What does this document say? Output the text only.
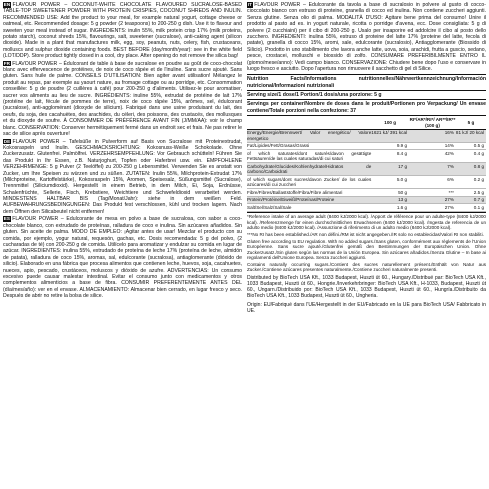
EN FLAVOUR POWER – COCONUT-WHITE CHOCOLATE FLAVOURED SUCRALOSE-BASED TABLE-TOP SWEETENER POWDER WITH PROTEIN CRISPIES, COCONUT SHREDS AND INULIN. RECOMMENDED USE: Add the product to your meal, for example natural yogurt, cottage cheese or oatmeal, etc. Recommended dosage: 5 g powder (2 teaspoons) to 200-250 g dish. Use it to flavour and sweeten your meal instead of sugar. INGREDIENTS: inulin 55%, milk protein crisp 17% (milk proteins, potato starch), coconut shreds 15%, flavourings, salt, sweetener (sucralose), anti-caking agent (silicon dioxide). Made in a plant that manufactures milk, egg, soy, peanuts, nuts, celery, fish, crustaceans, molluscs and sulphur dioxide containing foods. BEST BEFORE (day/month/year): see in the white field (LOT/DDP). Store product tightly closed in a cool, dry place. After opening do not remove the silica bag!

FR FLAVOUR POWER – Édulcorant de table à base de sucralose en poudre au goût de coco-chocolat blanc avec effervescence de protéines, de noix de coco râpée et de l'inuline. Sans sucre ajouté. Sans gluten. Sans huile de palme. CONSEILS D'UTILISATION: Bien agiter avant utilisation! Mélangez le produit au repas, par exemple au yaourt nature, au fromage cottage ou au porridge, etc. Consommation conseillée: 5 g de poudre (2 cuillères à café) pour 200-250 g d'aliments. Utilisez-le pour aromatiser, sucrer vos aliments au lieu de sucre. INGRÉDIENTS: inuline 55%, extrudat de protéine de lait 17% (protéine de lait, fécule de pommes de terre), noix de coco râpée 15%, arômes, sel, édulcorant (sucralose), anti-agglomérant (dioxyde de silicium). Fabriqué dans une usine produisant du lait, des oeufs, du soja, des cacahuètes, des arachides, du céleri, des poissons, des crustacés, des mollusques et du dioxyde de soufre. À CONSOMMER DE PRÉFÉRENCE AVANT FIN (J/MM/AA): voir le champ blanc. CONSERVATION: Conserver hermétiquement fermé dans un endroit sec et frais. Ne pas retirer le sac de silice après ouverture!

DE FLAVOUR POWER – Tafelsüße in Pulverform auf Basis von Sucralose mit Proteinextrudat, Kokosraspeln und Inulin. GESCHMACKSRICHTUNG: Kokosnuss-Weiße Schokolade. Ohne Zuckerzusatz. Glutenfrei. Palmölfrei. VERZEHRSEMPFEHLUNG: Vor Gebrauch schütteln! Führen Sie das Produkt in Ihr Essen, z.B. Naturjoghurt, Topfen oder Haferbrei usw. ein. EMPFOHLENE VERZEHRMENGE: 5 g Pulver (2 Teelöffel) zu 200-250 g Lebensmittel. Verwenden Sie es anstatt von Zucker, um Ihre Speisen zu würzen und zu süßen. ZUTATEN: Inulin 55%, Milchprotein-Extrudat 17% (Milchproteine, Kartoffelstärke), Kokosraspeln 15%, Aromen, Speisesalz, Süßungsmittel (Sucralose), Trennmittel (Siliciumdioxid). Hergestellt in einem Betrieb, in dem Milch, Ei, Soja, Erdnüsse, Schalenfrüchte, Sellerie, Fisch, Krebstiere, Weichtiere und Schwefeldioxid verarbeitet werden. MINDESTENS HALTBAR BIS (Tag/Monat/Jahr): siehe in dem weißen Feld. AUFBEWAHRUNGSBEDINGUNGEN: Das Produkt fest verschlossen, kühl und trocken lagern. Nach dem Öffnen den Silicabeutel nicht entfernen!

ES FLAVOUR POWER – Edulcorante de mesa en polvo a base de sucralosa, con sabor a coco-chocolate blanco, con extrudado de proteínas, ralladura de coco e inulina. Sin azúcares añadidos. Sin gluten. Sin aceite de palma. MODO DE EMPLEO: ¡Agitar antes de usar! Mezclar el producto con su comida, por ejemplo, yogur natural, requesón, gachas, etc. Dosis recomendada: 5 g del polvo, (2 cucharadas de té) con 200-250 g de comida. Utilícelo para aromatizar y endulzar su comida en lugar de azúcar. INGREDIENTES: inulina 55%, extrudado de proteína de leche 17% (proteína de leche, almidón de patata), ralladura de coco 15%, aromas, sal, edulcorante (sucralosa), antiaglomerante (dióxido de silicio). Elaborado en una fábrica que procesa alimentos que contienen leche, huevos, soja, cacahuetes, nueces, apio, pescado, crustáceos, moluscos y dióxido de azufre. ADVERTENCIAS: Un consumo excesivo puede causar malestar intestinal. Evitar el consumo junto con medicamentos y otros complementos alimenticios a base de fibra. CONSUMIR PREFERENTEMENTE ANTES DEL (día/mes/año): ver en el envase. ALMACENAMIENTO: Almacenar bien cerrado, en lugar fresco y seco. Después de abrir no retire la bolsa de silice.

IT FLAVOUR POWER – Edulcorante da tavola a base di sucralosio in polvere al gusto di cocco-cioccolato bianco con estruso di proteine, granella di cocco ed inulina. Non contiene zuccheri aggiunti. Senza glutine. Senza olio di palma. MODALITÀ D'USO: Agitare bene prima del consumo! Unire il prodotto al pasto ad es. in yogurt naturale, ricotta o porridge d'avena, ecc. Dose consigliata: 5 g di polvere (2 cucchiaini) per il cibo di 200-250 g. Usalo per insaporire ed addolcire il cibo al posto dello zucchero. INGREDIENTI: inulina 55%, estruso di proteine del latte 17% (proteine del latte, fecola di patate), granella di cocco 15%, aromi, sale, edulcorante (sucralosio), Antiagglomerante (Biossido di Silicio). Prodotto in uno stabilimento che lavora anche latte, uova, soia, arachidi, frutta a guscio, sedano, pesce, crostacei, molluschi e biossido di zolfo. CONSUMARE PREFERIBILMENTE ENTRO IL (giorno/mese/anno): Vedi campo bianco. CONSERVAZIONE: Chiudere bene dopo l'uso e conservare in luogo fresco e asciutto. Dopo l'apertura non rimuovere il sacchetto di gel di Silice.

Nutrition Facts/Informations nutritionnelles/Nährwertkennzeichnung/Información nutricional/Informazioni nutrizionali
Serving size/1 dose/1 Portion/1 dosis/una porzione: 5 g
Servings per container/Nombre de doses dans le produit/Portionen pro Verpackung/ Un envase contiene/Totale porzioni nella confezione: 37
	100 g	RI*/AR*/RI*/ AR**/IR**(100 g)	5 g
Energy/Energie/Brennwert/ Valor energético/ Valore energetico	1621 kJ/ 391 kcal	16%	81 kJ/ 20 kcal
Fat/Lipides/Fett/Grasas/Grassi	9.9 g	14%	0.5 g
of which saturates/dont saturés/davon gesättigte Fettsäuren/de las cuales saturadas/di cui saturi	8.4 g	42%	0.4 g
Carbohydrate/Glucides/Kohlenhydrate/Hidratos de carbono/Carboidrati	17 g	7%	0.8 g
of which sugars/dont sucres/davon Zucker/ de los cuales azúcares/di cui zuccheri	5.0 g	6%	0.2 g
Fibre/Fibres/Ballaststoffe/Fibra/Fibre alimentari	50 g	***	2.5 g
Protein/Protéine/Eiweiß/Proteínas/Proteine	13 g	27%	0.7 g
Salt/Sel/Salz/Sal/Sale	1.6 g	27%	0.1 g

*Reference intake of an average adult (8400 kJ/2000 kcal). /Apport de référence pour un adulte-type (8400 kJ/2000 kcal). /Referenzmenge für einen durchschnittlichen Erwachsenen (8400 kJ/2000 kcal). /Ingesta de referencia de un adulto medio (8400 kJ/2000 kcal). /Assunzione di riferimento di un adulto medio (8400 kJ/2000 kcal).

***No RI has been established./AR non défini./RM ist nicht angegeben./IR solo no establecidas/Valori RI non stabiliti.

Gluten free according to EU regulation. With no added sugars./Sans gluten, conformément aux règlements de l'Union Européenne. Sans sucre ajouté./Glutenfrei gemäß den Bestimmungen der Europäischen Union. Ohne Zuckerzusatz./Sin gluten según las normas de la Unión Europea. Sin azúcares añadidos./Senza Glutine – In base ai regolamenti dell'Unione Europea. Senza zuccheri aggiunti.

Contains naturally occurring sugars./Contient des sucres naturellement présent./Enthält von Natur aus Zucker./Contiene azúcares presentes naturalmente./Contiene zuccheri naturalmente presenti.

Distributed by BioTech USA Kft., 1033 Budapest, Huszti út 60., Hungary./Distribué par: BioTech USA Kft., 1033 Budapest, Huszti út 60., Hongrie./Inverkehrbringer: BioTech USA Kft., H-1033, Budapest, Huszti út 60., Ungarn./Distribuido por: BioTech USA Kft., 1033 Budapest, Huszti út 60., Hungría./Distribuito da BioTech USA Kft., 1033 Budapest, Huszti út 60., Ungheria.
Origin: EU/Fabriqué dans l'UE/Hergestellt in der EU/Fabricado en la UE para BioTech USA/ Fabbricato in UE.
